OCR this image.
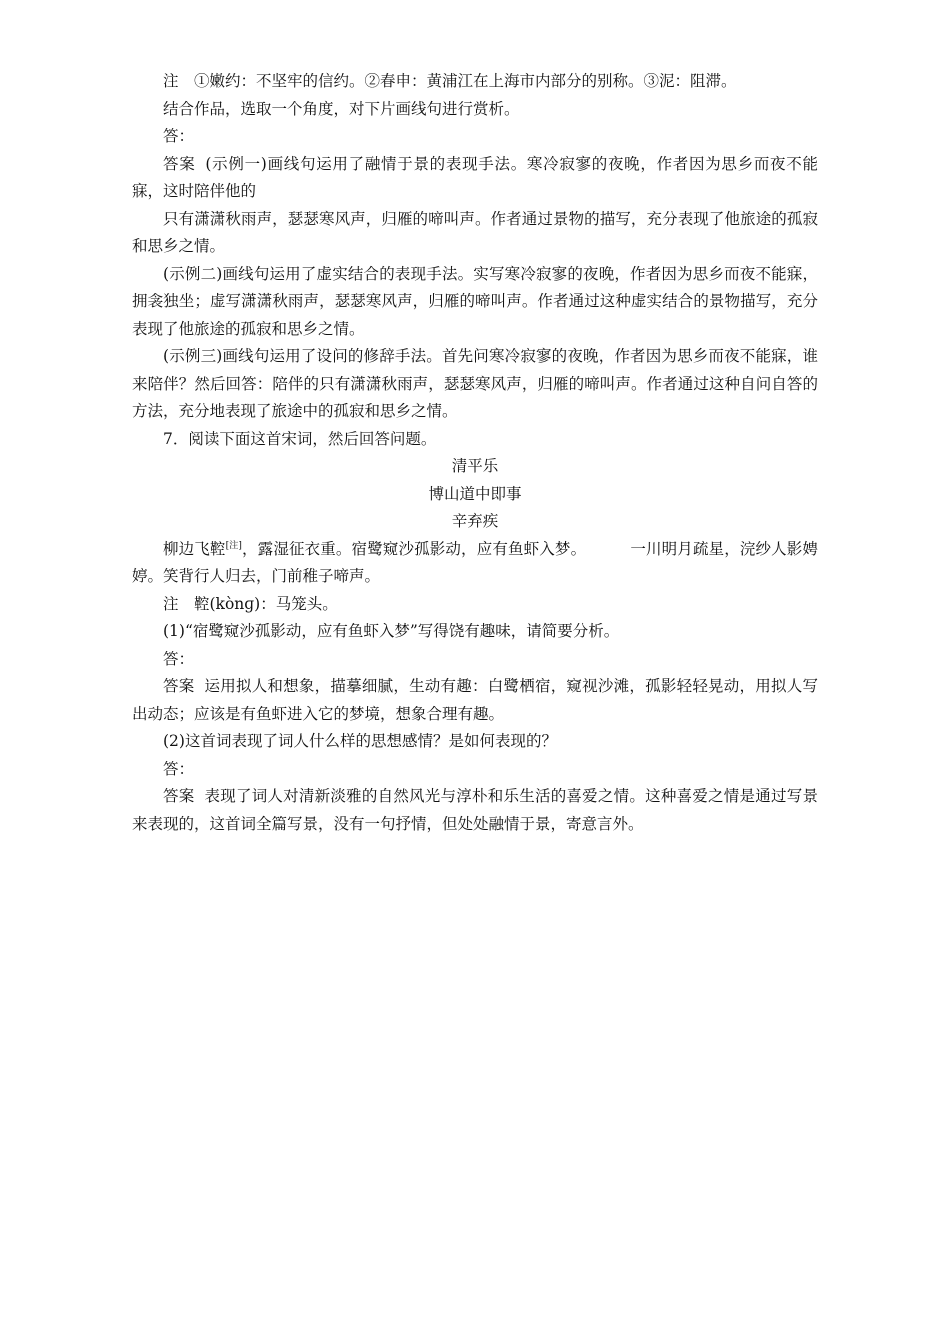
注　①嫩约：不坚牢的信约。②春申：黄浦江在上海市内部分的别称。③泥：阻滞。

结合作品，选取一个角度，对下片画线句进行赏析。

答：

答案 (示例一)画线句运用了融情于景的表现手法。寒冷寂寥的夜晚，作者因为思乡而夜不能寐，这时陪伴他的

只有潇潇秋雨声，瑟瑟寒风声，归雁的啼叫声。作者通过景物的描写，充分表现了他旅途的孤寂和思乡之情。

(示例二)画线句运用了虚实结合的表现手法。实写寒冷寂寥的夜晚，作者因为思乡而夜不能寐，拥衾独坐；虚写潇潇秋雨声，瑟瑟寒风声，归雁的啼叫声。作者通过这种虚实结合的景物描写，充分表现了他旅途的孤寂和思乡之情。

(示例三)画线句运用了设问的修辞手法。首先问寒冷寂寥的夜晚，作者因为思乡而夜不能寐，谁来陪伴？然后回答：陪伴的只有潇潇秋雨声，瑟瑟寒风声，归雁的啼叫声。作者通过这种自问自答的方法，充分地表现了旅途中的孤寂和思乡之情。

7．阅读下面这首宋词，然后回答问题。

清平乐

博山道中即事

辛弃疾

柳边飞鞚[注]，露湿征衣重。宿鹭窥沙孤影动，应有鱼虾入梦。	一川明月疏星，浣纱人影娉婷。笑背行人归去，门前稚子啼声。

注　鞚(kònɡ)：马笼头。

(1)“宿鹭窥沙孤影动，应有鱼虾入梦”写得饶有趣味，请简要分析。

答：

答案 运用拟人和想象，描摹细腻，生动有趣：白鹭栖宿，窥视沙滩，孤影轻轻晃动，用拟人写出动态；应该是有鱼虾进入它的梦境，想象合理有趣。

(2)这首词表现了词人什么样的思想感情？是如何表现的？

答：

答案 表现了词人对清新淡雅的自然风光与淳朴和乐生活的喜爱之情。这种喜爱之情是通过写景来表现的，这首词全篇写景，没有一句抒情，但处处融情于景，寄意言外。
